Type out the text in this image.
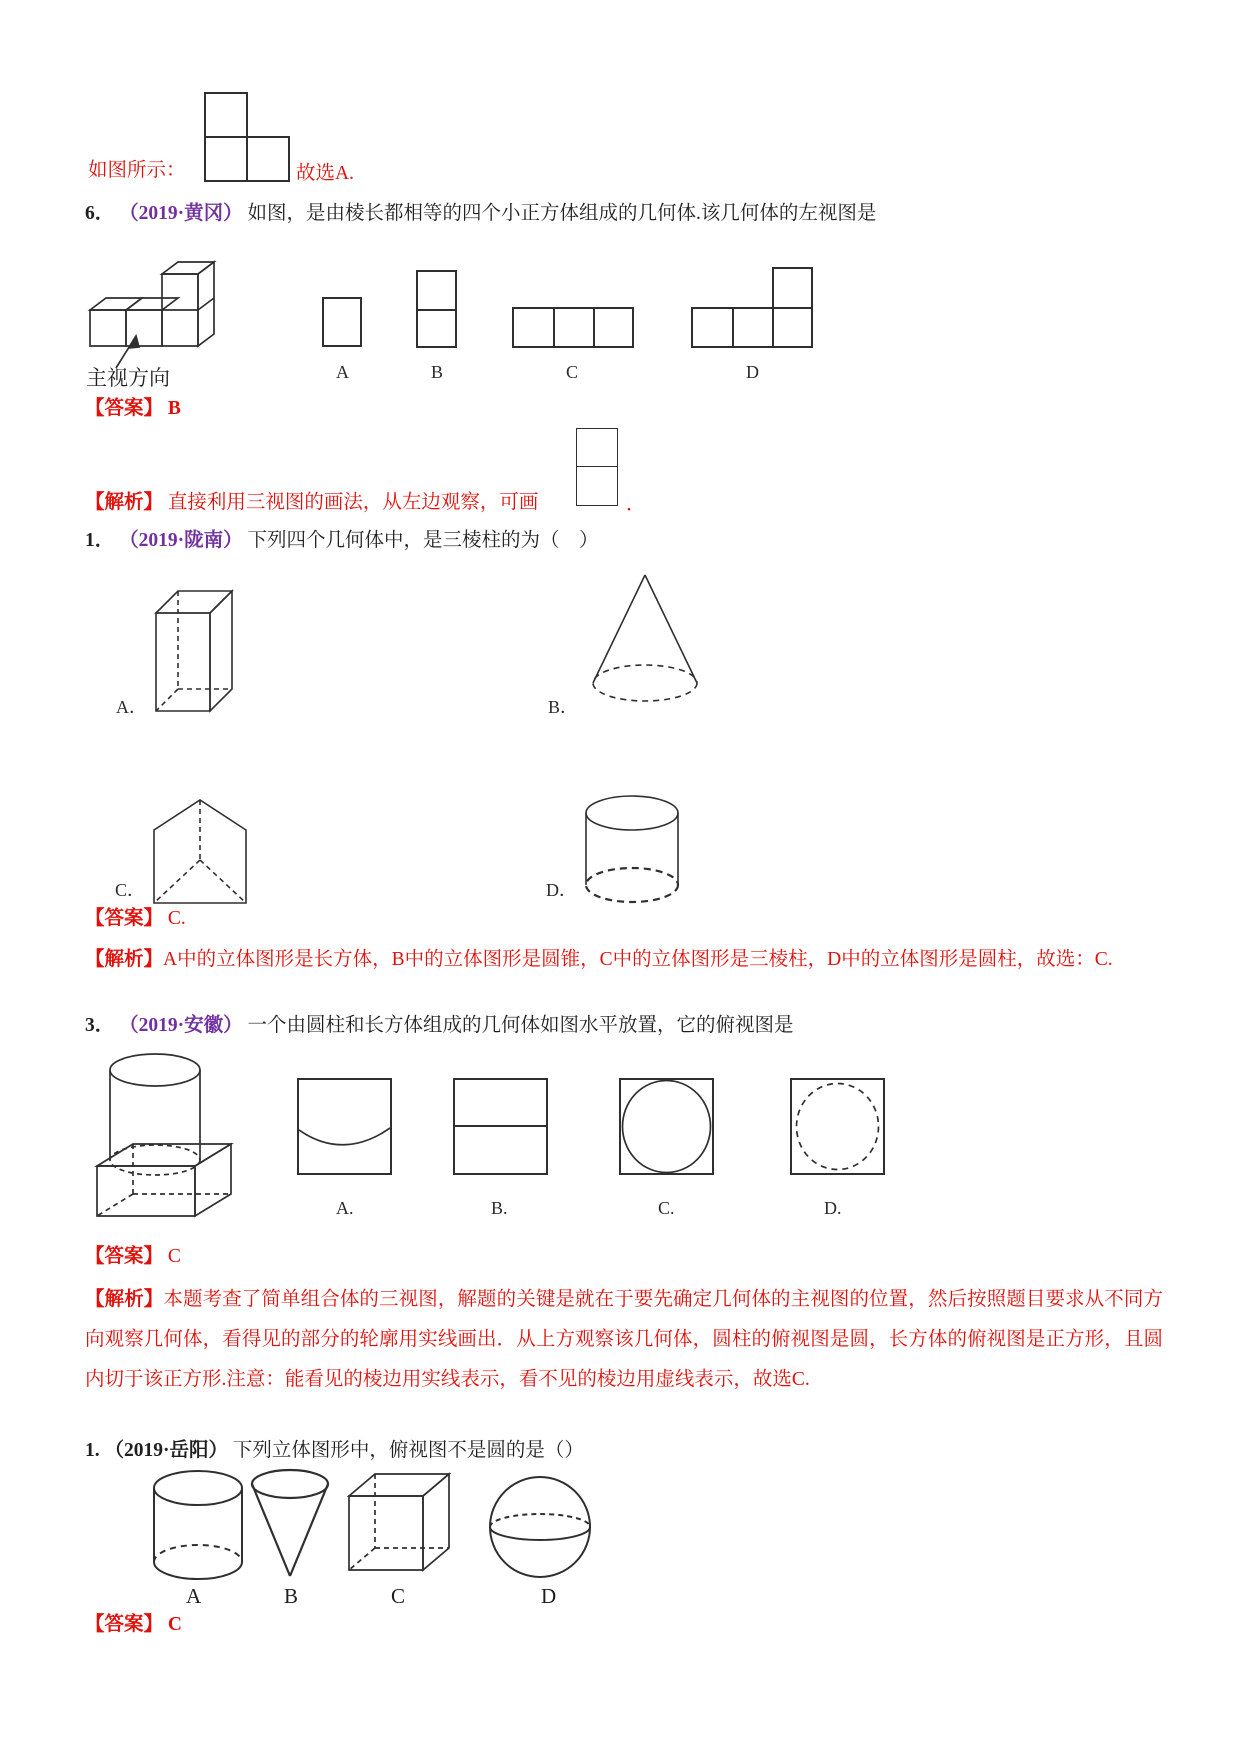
如图所示：	故选A.
6． （2019·黄冈） 如图，是由棱长都相等的四个小正方体组成的几何体.该几何体的左视图是
主视方向	A	B	C	D
【答案】 B
【解析】 直接利用三视图的画法，从左边观察，可画	．
1． （2019·陇南） 下列四个几何体中，是三棱柱的为（　）
A．	B．
C．	D．
【答案】 C.
【解析】A中的立体图形是长方体，B中的立体图形是圆锥，C中的立体图形是三棱柱，D中的立体图形是圆柱，故选：C.
3． （2019·安徽） 一个由圆柱和长方体组成的几何体如图水平放置，它的俯视图是
A.	B.	C.	D.
【答案】 C
【解析】本题考查了简单组合体的三视图，解题的关键是就在于要先确定几何体的主视图的位置，然后按照题目要求从不同方向观察几何体，看得见的部分的轮廓用实线画出．从上方观察该几何体，圆柱的俯视图是圆，长方体的俯视图是正方形，且圆内切于该正方形.注意：能看见的棱边用实线表示，看不见的棱边用虚线表示，故选C.
1. （2019·岳阳） 下列立体图形中，俯视图不是圆的是（）
A	B	C	D
【答案】 C
